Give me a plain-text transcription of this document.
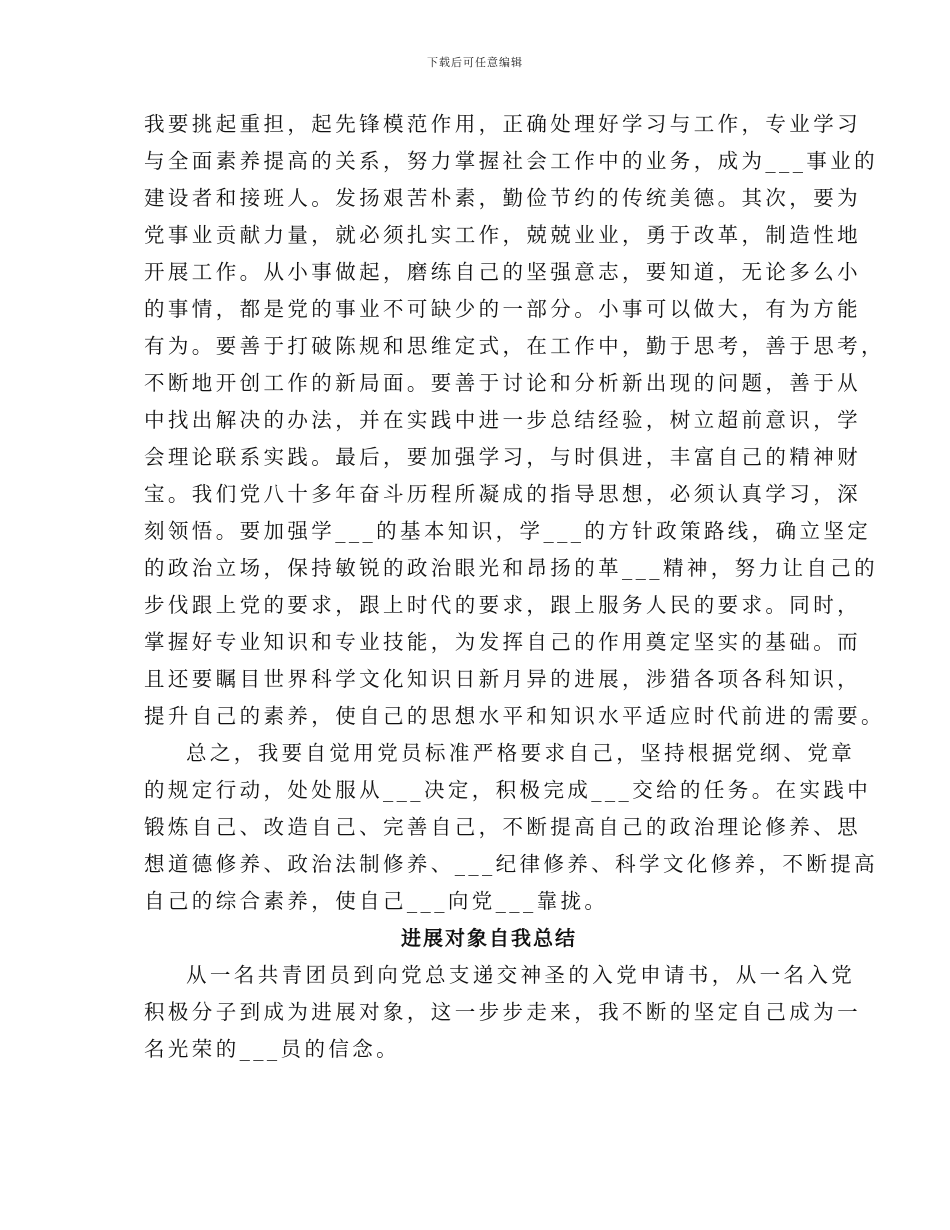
下载后可任意编辑
我要挑起重担，起先锋模范作用，正确处理好学习与工作，专业学习
与全面素养提高的关系，努力掌握社会工作中的业务，成为___事业的
建设者和接班人。发扬艰苦朴素，勤俭节约的传统美德。其次，要为
党事业贡献力量，就必须扎实工作，兢兢业业，勇于改革，制造性地
开展工作。从小事做起，磨练自己的坚强意志，要知道，无论多么小
的事情，都是党的事业不可缺少的一部分。小事可以做大，有为方能
有为。要善于打破陈规和思维定式，在工作中，勤于思考，善于思考，
不断地开创工作的新局面。要善于讨论和分析新出现的问题，善于从
中找出解决的办法，并在实践中进一步总结经验，树立超前意识，学
会理论联系实践。最后，要加强学习，与时俱进，丰富自己的精神财
宝。我们党八十多年奋斗历程所凝成的指导思想，必须认真学习，深
刻领悟。要加强学___的基本知识，学___的方针政策路线，确立坚定
的政治立场，保持敏锐的政治眼光和昂扬的革___精神，努力让自己的
步伐跟上党的要求，跟上时代的要求，跟上服务人民的要求。同时，
掌握好专业知识和专业技能，为发挥自己的作用奠定坚实的基础。而
且还要瞩目世界科学文化知识日新月异的进展，涉猎各项各科知识，
提升自己的素养，使自己的思想水平和知识水平适应时代前进的需要。
总之，我要自觉用党员标准严格要求自己，坚持根据党纲、党章
的规定行动，处处服从___决定，积极完成___交给的任务。在实践中
锻炼自己、改造自己、完善自己，不断提高自己的政治理论修养、思
想道德修养、政治法制修养、___纪律修养、科学文化修养，不断提高
自己的综合素养，使自己___向党___靠拢。
进展对象自我总结
从一名共青团员到向党总支递交神圣的入党申请书，从一名入党
积极分子到成为进展对象，这一步步走来，我不断的坚定自己成为一
名光荣的___员的信念。
